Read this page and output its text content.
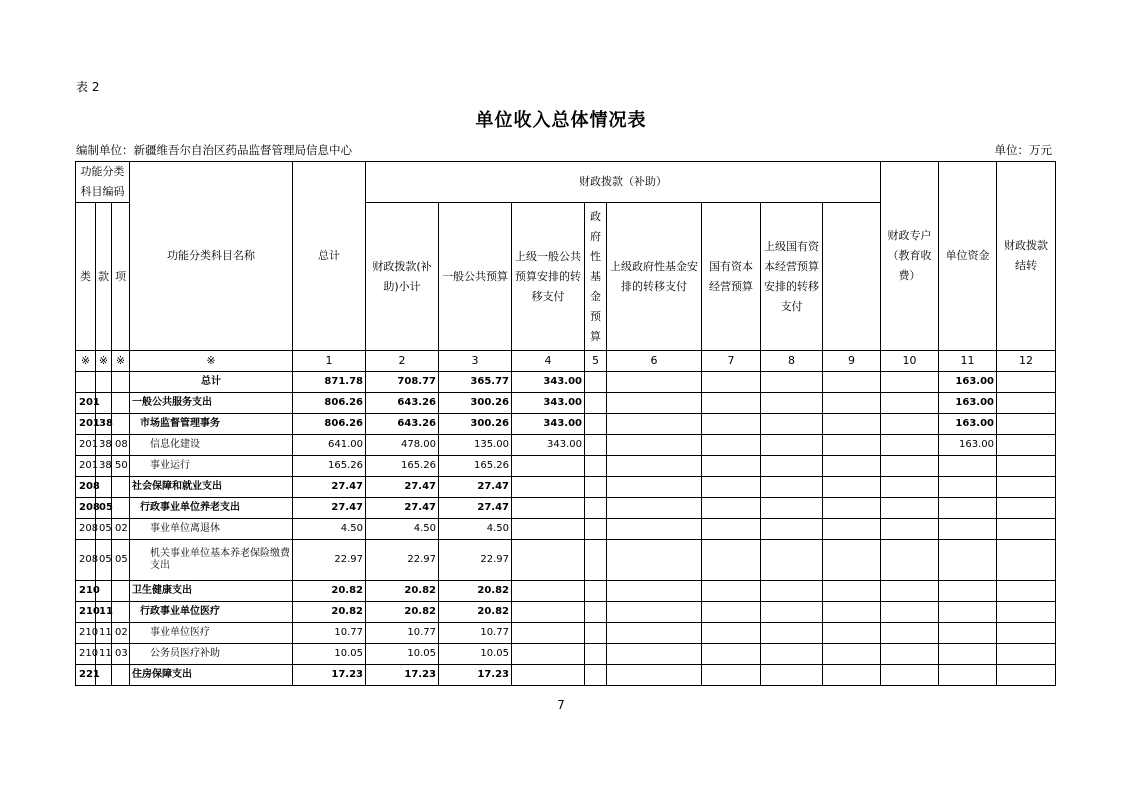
表 2
单位收入总体情况表
编制单位：新疆维吾尔自治区药品监督管理局信息中心	单位：万元
功能分类科目编码			功能分类科目名称	总计	财政拨款（补助）								财政专户（教育收费）	单位资金	财政拨款结转	
类	款	项			财政拨款(补助)小计	一般公共预算	上级一般公共预算安排的转移支付	政府性基金预算	上级政府性基金安排的转移支付	国有资本经营预算	上级国有资本经营预算安排的转移支付					
※	※	※	※	1	2	3	4	5	6	7	8	9	10	11	12	
			总计	871.78	708.77	365.77	343.00							163.00		
201			一般公共服务支出	806.26	643.26	300.26	343.00							163.00		
201	38		市场监督管理事务	806.26	643.26	300.26	343.00							163.00		
201	38	08	信息化建设	641.00	478.00	135.00	343.00							163.00		
201	38	50	事业运行	165.26	165.26	165.26										
208			社会保障和就业支出	27.47	27.47	27.47										
208	05		行政事业单位养老支出	27.47	27.47	27.47										
208	05	02	事业单位离退休	4.50	4.50	4.50										
208	05	05	机关事业单位基本养老保险缴费支出	22.97	22.97	22.97										
210			卫生健康支出	20.82	20.82	20.82										
210	11		行政事业单位医疗	20.82	20.82	20.82										
210	11	02	事业单位医疗	10.77	10.77	10.77										
210	11	03	公务员医疗补助	10.05	10.05	10.05										
221			住房保障支出	17.23	17.23	17.23										
7
